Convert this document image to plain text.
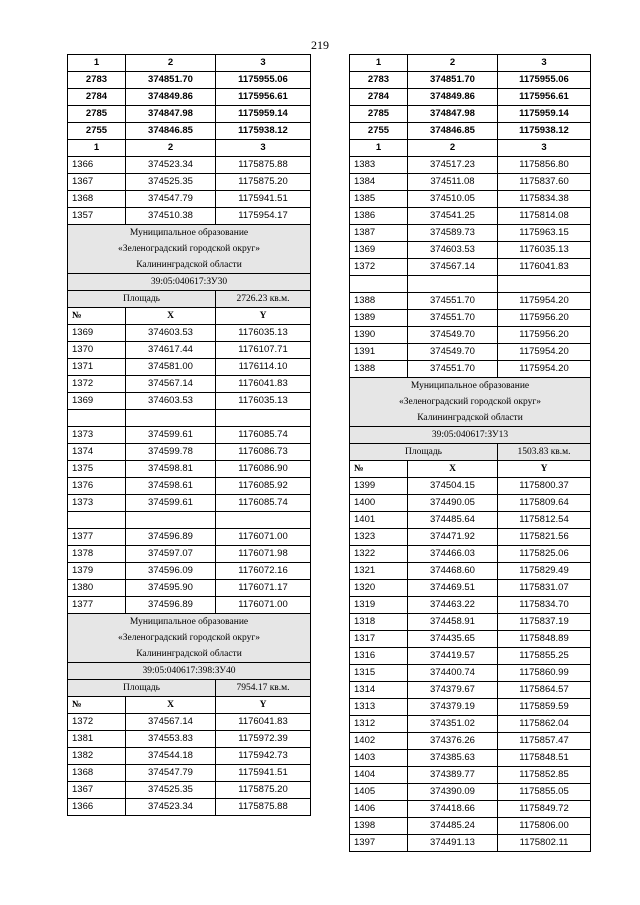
219
1	2	3
2783	374851.70	1175955.06
2784	374849.86	1175956.61
2785	374847.98	1175959.14
2755	374846.85	1175938.12
1	2	3
1366	374523.34	1175875.88
1367	374525.35	1175875.20
1368	374547.79	1175941.51
1357	374510.38	1175954.17

Муниципальное образование
«Зеленоградский городской округ»
Калининградской области		

39:05:040617:ЗУ30		
Площадь		2726.23 кв.м.
№	X	Y
1369	374603.53	1176035.13
1370	374617.44	1176107.71
1371	374581.00	1176114.10
1372	374567.14	1176041.83
1369	374603.53	1176035.13

1373	374599.61	1176085.74
1374	374599.78	1176086.73
1375	374598.81	1176086.90
1376	374598.61	1176085.92
1373	374599.61	1176085.74

1377	374596.89	1176071.00
1378	374597.07	1176071.98
1379	374596.09	1176072.16
1380	374595.90	1176071.17
1377	374596.89	1176071.00

Муниципальное образование
«Зеленоградский городской округ»
Калининградской области		

39:05:040617:398:ЗУ40		
Площадь		7954.17 кв.м.
№	X	Y
1372	374567.14	1176041.83
1381	374553.83	1175972.39
1382	374544.18	1175942.73
1368	374547.79	1175941.51
1367	374525.35	1175875.20
1366	374523.34	1175875.88
1	2	3
2783	374851.70	1175955.06
2784	374849.86	1175956.61
2785	374847.98	1175959.14
2755	374846.85	1175938.12
1	2	3
1383	374517.23	1175856.80
1384	374511.08	1175837.60
1385	374510.05	1175834.38
1386	374541.25	1175814.08
1387	374589.73	1175963.15
1369	374603.53	1176035.13
1372	374567.14	1176041.83

1388	374551.70	1175954.20
1389	374551.70	1175956.20
1390	374549.70	1175956.20
1391	374549.70	1175954.20
1388	374551.70	1175954.20

Муниципальное образование
«Зеленоградский городской округ»
Калининградской области		

39:05:040617:ЗУ13		
Площадь		1503.83 кв.м.
№	X	Y
1399	374504.15	1175800.37
1400	374490.05	1175809.64
1401	374485.64	1175812.54
1323	374471.92	1175821.56
1322	374466.03	1175825.06
1321	374468.60	1175829.49
1320	374469.51	1175831.07
1319	374463.22	1175834.70
1318	374458.91	1175837.19
1317	374435.65	1175848.89
1316	374419.57	1175855.25
1315	374400.74	1175860.99
1314	374379.67	1175864.57
1313	374379.19	1175859.59
1312	374351.02	1175862.04
1402	374376.26	1175857.47
1403	374385.63	1175848.51
1404	374389.77	1175852.85
1405	374390.09	1175855.05
1406	374418.66	1175849.72
1398	374485.24	1175806.00
1397	374491.13	1175802.11
